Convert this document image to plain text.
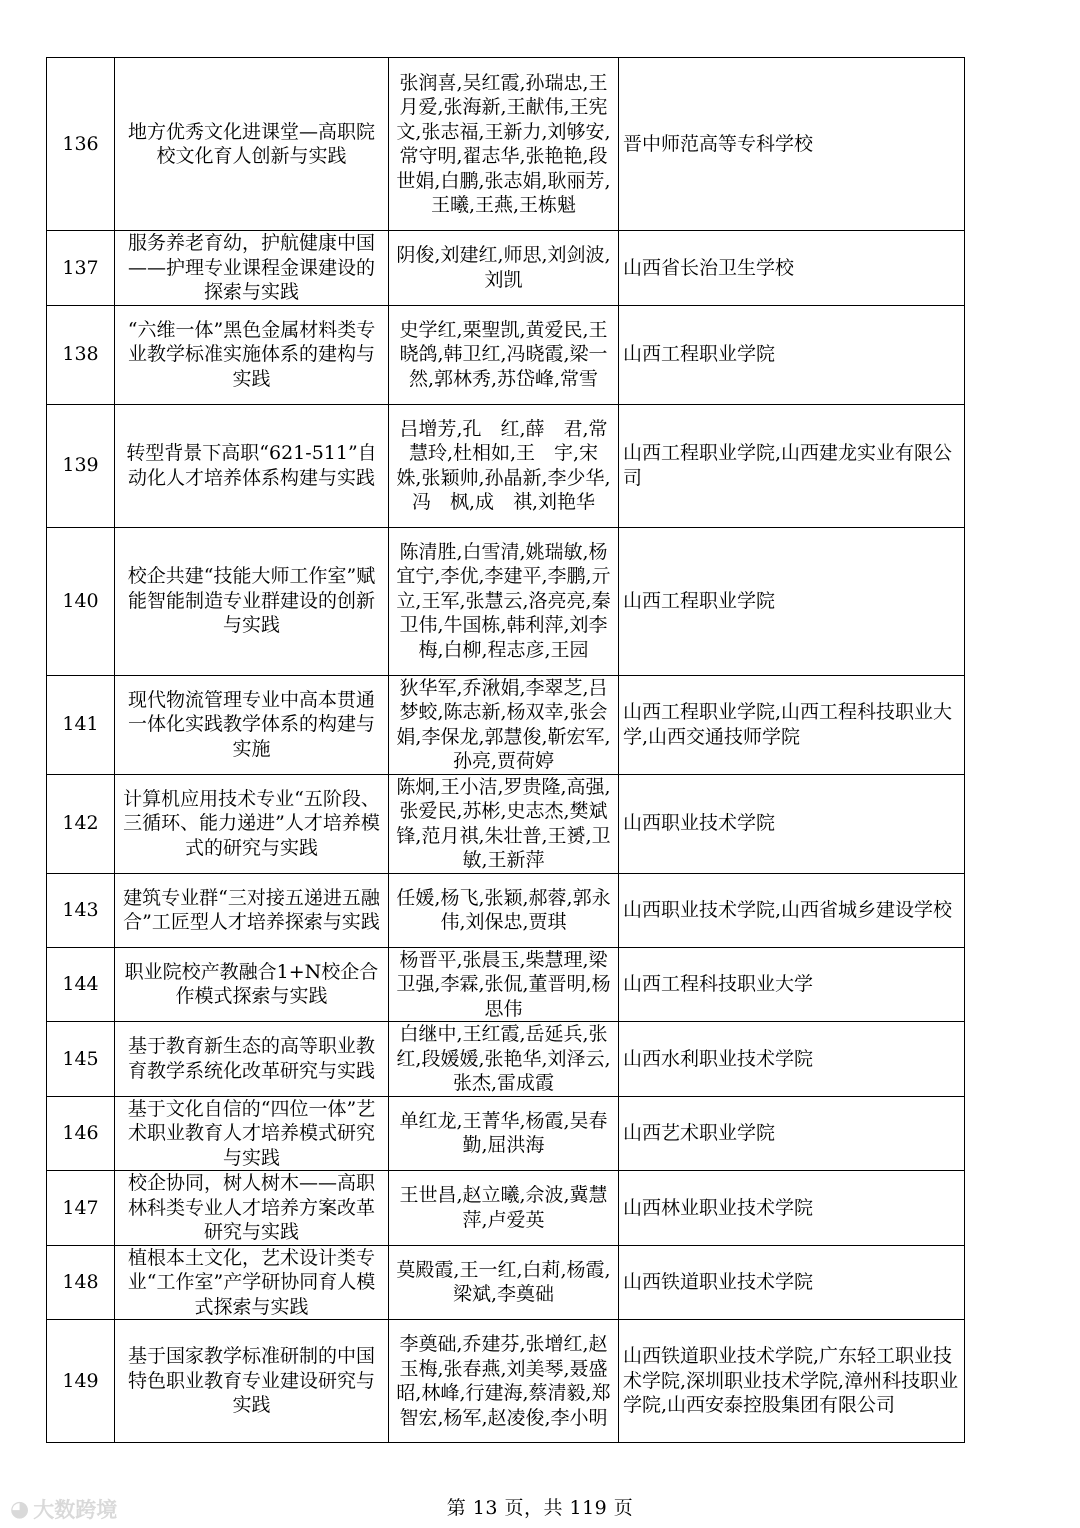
136	地方优秀文化进课堂—高职院校文化育人创新与实践	张润喜,吴红霞,孙瑞忠,王月爱,张海新,王献伟,王宪文,张志福,王新力,刘够安,常守明,翟志华,张艳艳,段世娟,白鹏,张志娟,耿丽芳,王曦,王燕,王栋魁	晋中师范高等专科学校
137	服务养老育幼，护航健康中国——护理专业课程金课建设的探索与实践	阴俊,刘建红,师思,刘剑波,刘凯	山西省长治卫生学校
138	“六维一体”黑色金属材料类专业教学标准实施体系的建构与实践	史学红,栗聖凯,黄爱民,王晓鸽,韩卫红,冯晓霞,梁一然,郭林秀,苏岱峰,常雪	山西工程职业学院
139	转型背景下高职“621-511”自动化人才培养体系构建与实践	吕增芳,孔　红,薛　君,常慧玲,杜相如,王　宇,宋　姝,张颖帅,孙晶新,李少华,冯　枫,成　祺,刘艳华	山西工程职业学院,山西建龙实业有限公司
140	校企共建“技能大师工作室”赋能智能制造专业群建设的创新与实践	陈清胜,白雪清,姚瑞敏,杨宜宁,李优,李建平,李鹏,亓立,王军,张慧云,洛亮亮,秦卫伟,牛国栋,韩利萍,刘李梅,白柳,程志彦,王园	山西工程职业学院
141	现代物流管理专业中高本贯通一体化实践教学体系的构建与实施	狄华军,乔湫娟,李翠芝,吕梦蛟,陈志新,杨双幸,张会娟,李保龙,郭慧俊,靳宏军,孙亮,贾荷婷	山西工程职业学院,山西工程科技职业大学,山西交通技师学院
142	计算机应用技术专业“五阶段、三循环、能力递进”人才培养模式的研究与实践	陈炯,王小洁,罗贵隆,高强,张爱民,苏彬,史志杰,樊斌锋,范月祺,朱壮普,王赟,卫敏,王新萍	山西职业技术学院
143	建筑专业群“三对接五递进五融合”工匠型人才培养探索与实践	任媛,杨飞,张颖,郝蓉,郭永伟,刘保忠,贾琪	山西职业技术学院,山西省城乡建设学校
144	职业院校产教融合1+N校企合作模式探索与实践	杨晋平,张晨玉,柴慧理,梁卫强,李霖,张侃,董晋明,杨思伟	山西工程科技职业大学
145	基于教育新生态的高等职业教育教学系统化改革研究与实践	白继中,王红霞,岳延兵,张红,段媛媛,张艳华,刘泽云,张杰,雷成霞	山西水利职业技术学院
146	基于文化自信的“四位一体”艺术职业教育人才培养模式研究与实践	单红龙,王菁华,杨霞,吴春勤,屈洪海	山西艺术职业学院
147	校企协同，树人树木——高职林科类专业人才培养方案改革研究与实践	王世昌,赵立曦,佘波,冀慧萍,卢爱英	山西林业职业技术学院
148	植根本土文化，艺术设计类专业“工作室”产学研协同育人模式探索与实践	莫殿霞,王一红,白莉,杨霞,梁斌,李奠础	山西铁道职业技术学院
149	基于国家教学标准研制的中国特色职业教育专业建设研究与实践	李奠础,乔建芬,张增红,赵玉梅,张春燕,刘美琴,聂盛昭,林峰,行建海,蔡清毅,郑智宏,杨军,赵凌俊,李小明	山西铁道职业技术学院,广东轻工职业技术学院,深圳职业技术学院,漳州科技职业学院,山西安泰控股集团有限公司
第 13 页，共 119 页
◕ 大数跨境
